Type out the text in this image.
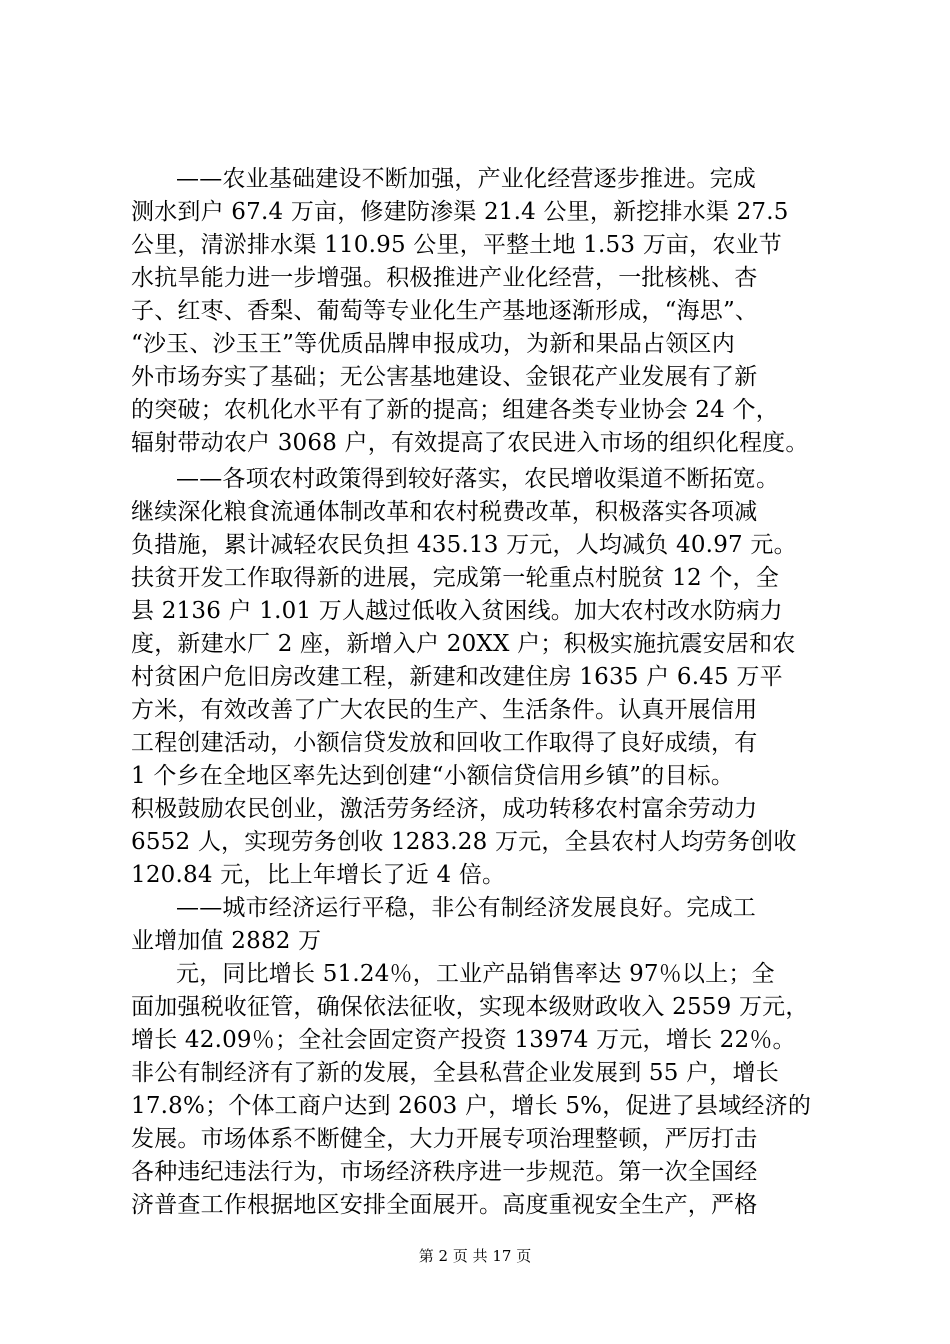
——农业基础建设不断加强，产业化经营逐步推进。完成
测水到户 67.4 万亩，修建防渗渠 21.4 公里，新挖排水渠 27.5
公里，清淤排水渠 110.95 公里，平整土地 1.53 万亩，农业节
水抗旱能力进一步增强。积极推进产业化经营，一批核桃、杏
子、红枣、香梨、葡萄等专业化生产基地逐渐形成，“海思”、
“沙玉、沙玉王”等优质品牌申报成功，为新和果品占领区内
外市场夯实了基础；无公害基地建设、金银花产业发展有了新
的突破；农机化水平有了新的提高；组建各类专业协会 24 个，
辐射带动农户 3068 户，有效提高了农民进入市场的组织化程度。
——各项农村政策得到较好落实，农民增收渠道不断拓宽。
继续深化粮食流通体制改革和农村税费改革，积极落实各项减
负措施，累计减轻农民负担 435.13 万元，人均减负 40.97 元。
扶贫开发工作取得新的进展，完成第一轮重点村脱贫 12 个，全
县 2136 户 1.01 万人越过低收入贫困线。加大农村改水防病力
度，新建水厂 2 座，新增入户 20XX 户；积极实施抗震安居和农
村贫困户危旧房改建工程，新建和改建住房 1635 户 6.45 万平
方米，有效改善了广大农民的生产、生活条件。认真开展信用
工程创建活动，小额信贷发放和回收工作取得了良好成绩，有
1 个乡在全地区率先达到创建“小额信贷信用乡镇”的目标。
积极鼓励农民创业，激活劳务经济，成功转移农村富余劳动力
6552 人，实现劳务创收 1283.28 万元，全县农村人均劳务创收
120.84 元，比上年增长了近 4 倍。
——城市经济运行平稳，非公有制经济发展良好。完成工
业增加值 2882 万
元，同比增长 51.24％，工业产品销售率达 97％以上；全
面加强税收征管，确保依法征收，实现本级财政收入 2559 万元，
增长 42.09％；全社会固定资产投资 13974 万元，增长 22％。
非公有制经济有了新的发展，全县私营企业发展到 55 户，增长
17.8%；个体工商户达到 2603 户，增长 5%，促进了县域经济的
发展。市场体系不断健全，大力开展专项治理整顿，严厉打击
各种违纪违法行为，市场经济秩序进一步规范。第一次全国经
第 2 页 共 17 页
济普查工作根据地区安排全面展开。高度重视安全生产，严格
